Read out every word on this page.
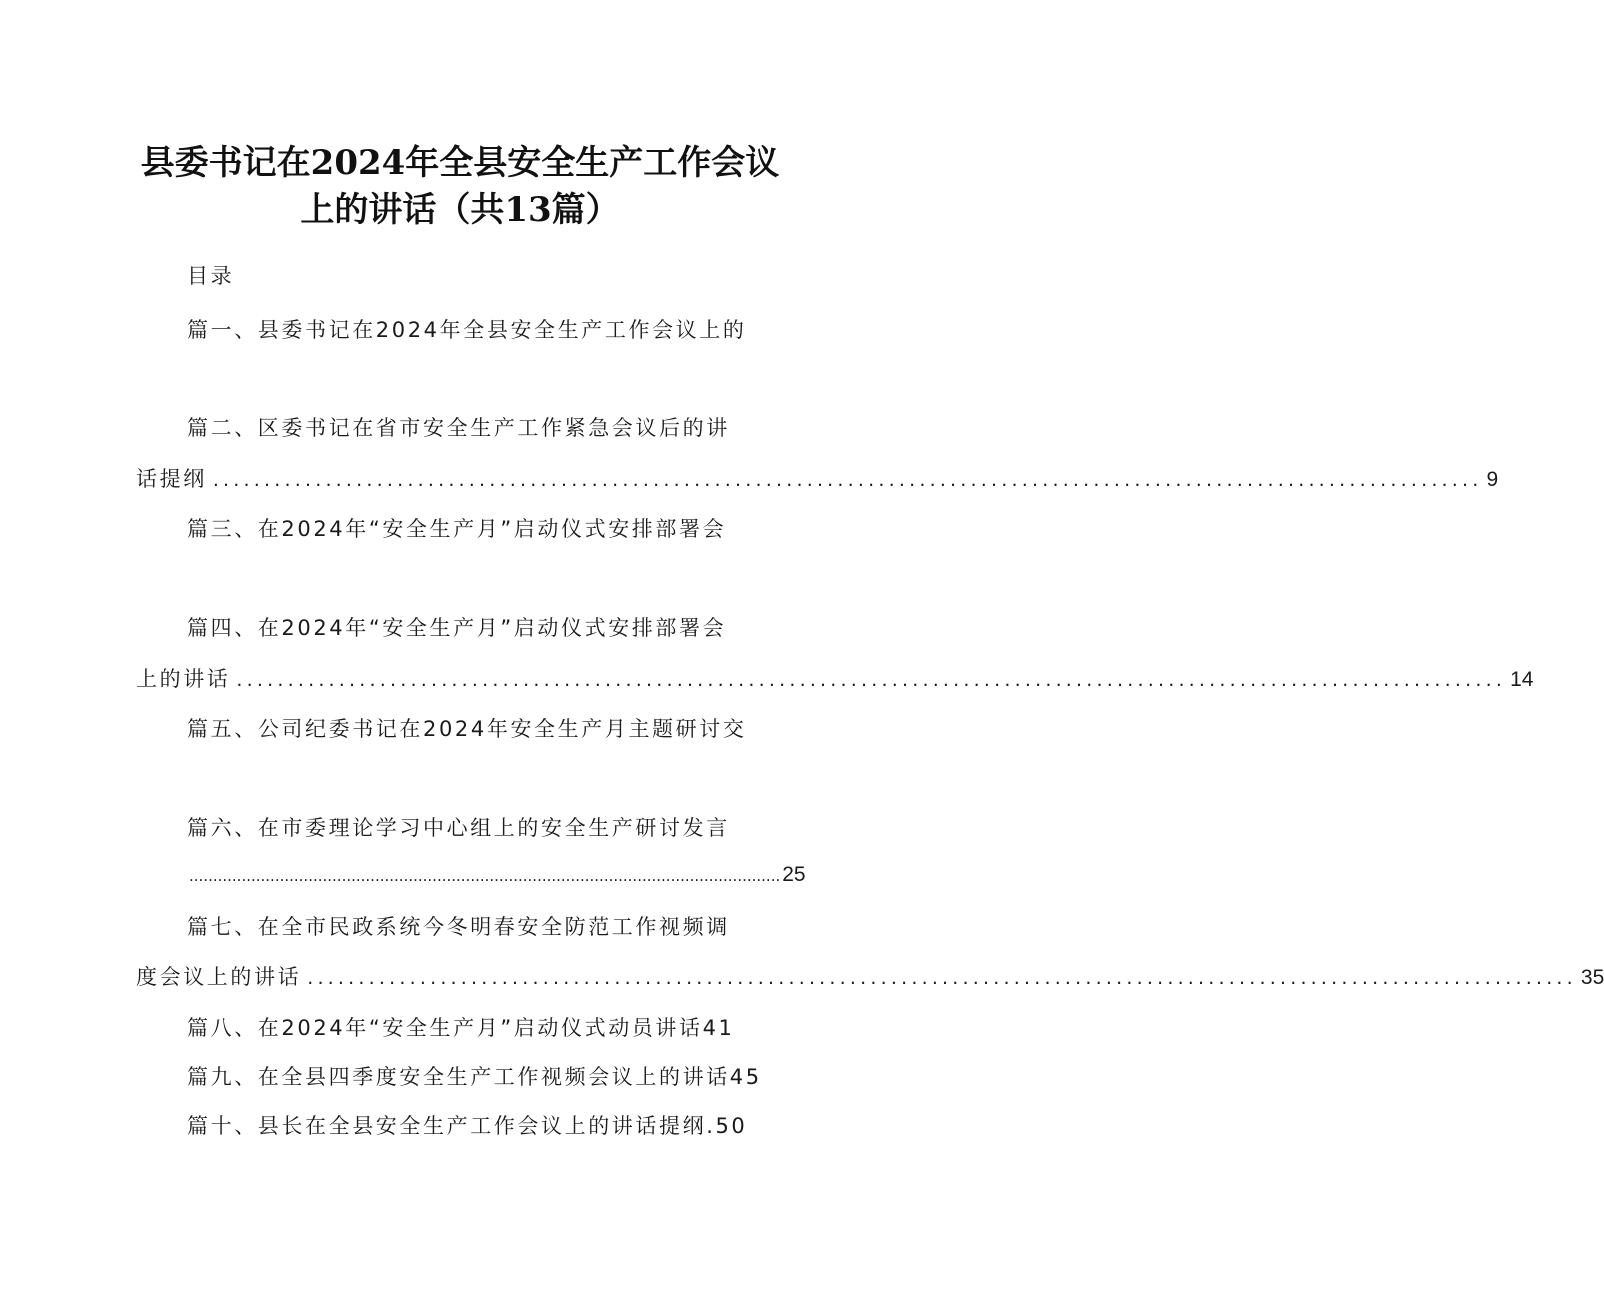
县委书记在2024年全县安全生产工作会议
上的讲话（共13篇）
目录
篇一、县委书记在2024年全县安全生产工作会议上的
篇二、区委书记在省市安全生产工作紧急会议后的讲
话提纲 ............................................................................................................................ 9
篇三、在2024年“安全生产月”启动仪式安排部署会
篇四、在2024年“安全生产月”启动仪式安排部署会
上的讲话 ............................................................................................................................ 14
篇五、公司纪委书记在2024年安全生产月主题研讨交
篇六、在市委理论学习中心组上的安全生产研讨发言
............................................................................................................................ 25
篇七、在全市民政系统今冬明春安全防范工作视频调
度会议上的讲话 ............................................................................................................................ 35
篇八、在2024年“安全生产月”启动仪式动员讲话41
篇九、在全县四季度安全生产工作视频会议上的讲话45
篇十、县长在全县安全生产工作会议上的讲话提纲.50
